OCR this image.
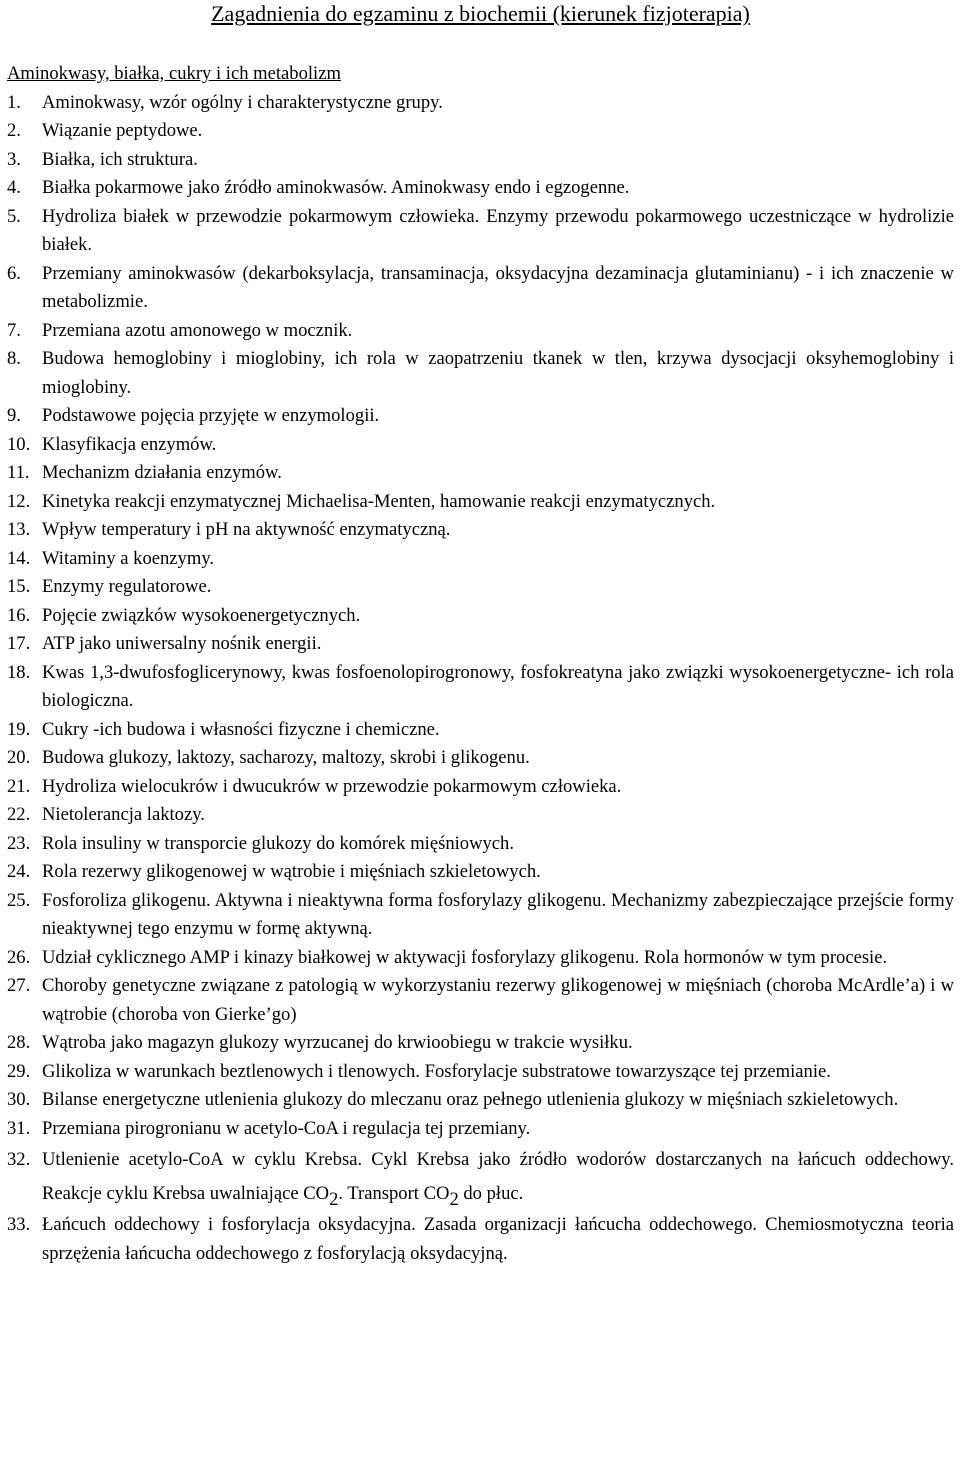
Zagadnienia do egzaminu z biochemii (kierunek fizjoterapia)
Aminokwasy, białka, cukry i ich metabolizm
1.	Aminokwasy, wzór ogólny i charakterystyczne grupy.
2.	Wiązanie peptydowe.
3.	Białka, ich struktura.
4.	Białka pokarmowe jako źródło aminokwasów. Aminokwasy endo i egzogenne.
5.	Hydroliza białek w przewodzie pokarmowym człowieka. Enzymy przewodu pokarmowego uczestniczące w hydrolizie białek.
6.	Przemiany aminokwasów (dekarboksylacja, transaminacja, oksydacyjna dezaminacja glutaminianu) - i ich znaczenie w metabolizmie.
7.	Przemiana azotu amonowego w mocznik.
8.	Budowa hemoglobiny i mioglobiny, ich rola w zaopatrzeniu tkanek w tlen, krzywa dysocjacji oksyhemoglobiny i mioglobiny.
9.	Podstawowe pojęcia przyjęte w enzymologii.
10. Klasyfikacja enzymów.
11. Mechanizm działania enzymów.
12. Kinetyka reakcji enzymatycznej Michaelisa-Menten, hamowanie reakcji enzymatycznych.
13. Wpływ temperatury i pH na aktywność enzymatyczną.
14. Witaminy a koenzymy.
15. Enzymy regulatorowe.
16. Pojęcie związków wysokoenergetycznych.
17. ATP jako uniwersalny nośnik energii.
18. Kwas 1,3-dwufosfoglicerynowy, kwas fosfoenolopirogronowy, fosfokreatyna jako związki wysokoenergetyczne- ich rola biologiczna.
19. Cukry -ich budowa i własności fizyczne i chemiczne.
20. Budowa glukozy, laktozy, sacharozy, maltozy, skrobi i glikogenu.
21. Hydroliza wielocukrów i dwucukrów w przewodzie pokarmowym człowieka.
22. Nietolerancja laktozy.
23. Rola insuliny w transporcie glukozy do komórek mięśniowych.
24. Rola rezerwy glikogenowej w wątrobie i mięśniach szkieletowych.
25. Fosforoliza glikogenu. Aktywna i nieaktywna forma fosforylazy glikogenu. Mechanizmy zabezpieczające przejście formy nieaktywnej tego enzymu w formę aktywną.
26. Udział cyklicznego AMP i kinazy białkowej w aktywacji fosforylazy glikogenu. Rola hormonów w tym procesie.
27. Choroby genetyczne związane z patologią w wykorzystaniu rezerwy glikogenowej w mięśniach (choroba McArdle’a) i w wątrobie (choroba von Gierke’go)
28. Wątroba jako magazyn glukozy wyrzucanej do krwioobiegu w trakcie wysiłku.
29. Glikoliza w warunkach beztlenowych i tlenowych. Fosforylacje substratowe towarzyszące tej przemianie.
30. Bilanse energetyczne utlenienia glukozy do mleczanu oraz pełnego utlenienia glukozy w mięśniach szkieletowych.
31. Przemiana pirogronianu w acetylo-CoA i regulacja tej przemiany.
32. Utlenienie acetylo-CoA w cyklu Krebsa. Cykl Krebsa jako źródło wodorów dostarczanych na łańcuch oddechowy. Reakcje cyklu Krebsa uwalniające $CO_2$. Transport $CO_2$ do płuc.
33. Łańcuch oddechowy i fosforylacja oksydacyjna. Zasada organizacji łańcucha oddechowego. Chemiosmotyczna teoria sprzężenia łańcucha oddechowego z fosforylacją oksydacyjną.
